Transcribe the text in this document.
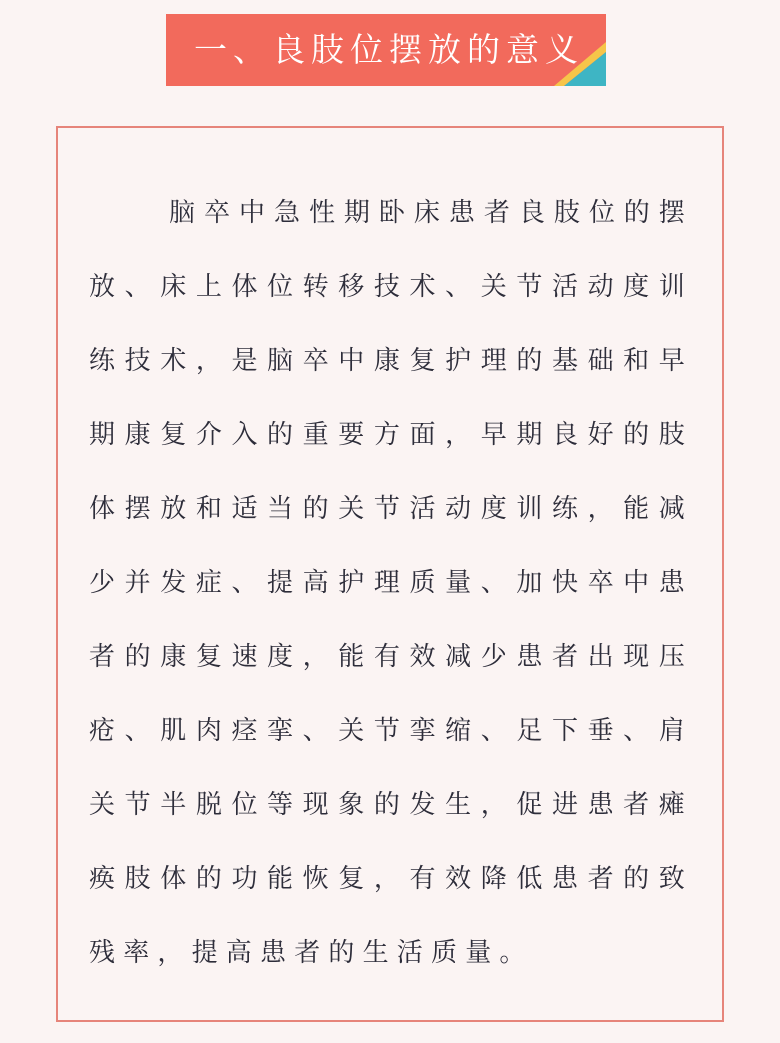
一、良肢位摆放的意义

脑卒中急性期卧床患者良肢位的摆放、床上体位转移技术、关节活动度训练技术，是脑卒中康复护理的基础和早期康复介入的重要方面，早期良好的肢体摆放和适当的关节活动度训练，能减少并发症、提高护理质量、加快卒中患者的康复速度，能有效减少患者出现压疮、肌肉痉挛、关节挛缩、足下垂、肩关节半脱位等现象的发生，促进患者瘫痪肢体的功能恢复，有效降低患者的致残率，提高患者的生活质量。
